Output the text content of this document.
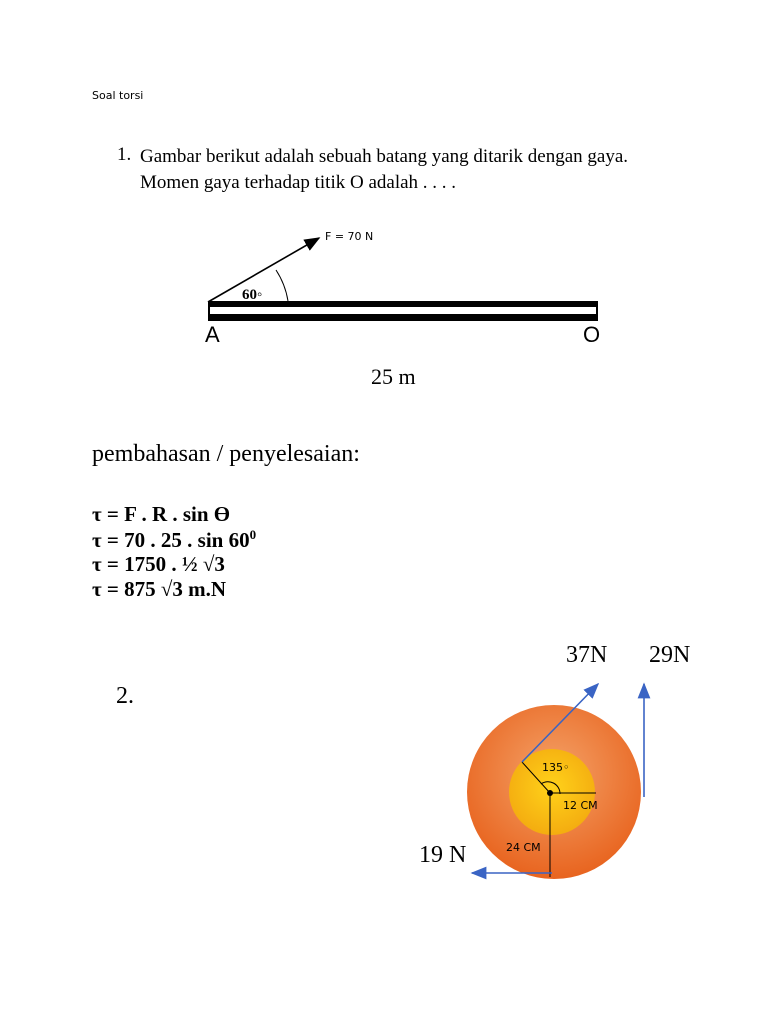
Soal torsi
1. Gambar berikut adalah sebuah batang yang ditarik dengan gaya.
Momen gaya terhadap titik O adalah . . . .
F = 70 N
60◦
A	O
25 m
pembahasan / penyelesaian:
τ = F . R . sin Ө
τ = 70 . 25 . $\sin 60^0$
τ = 1750 . ½ √3
τ = 875 √3 m.N
2.
37N 29N
19 N
135◦
12 CM
24 CM
